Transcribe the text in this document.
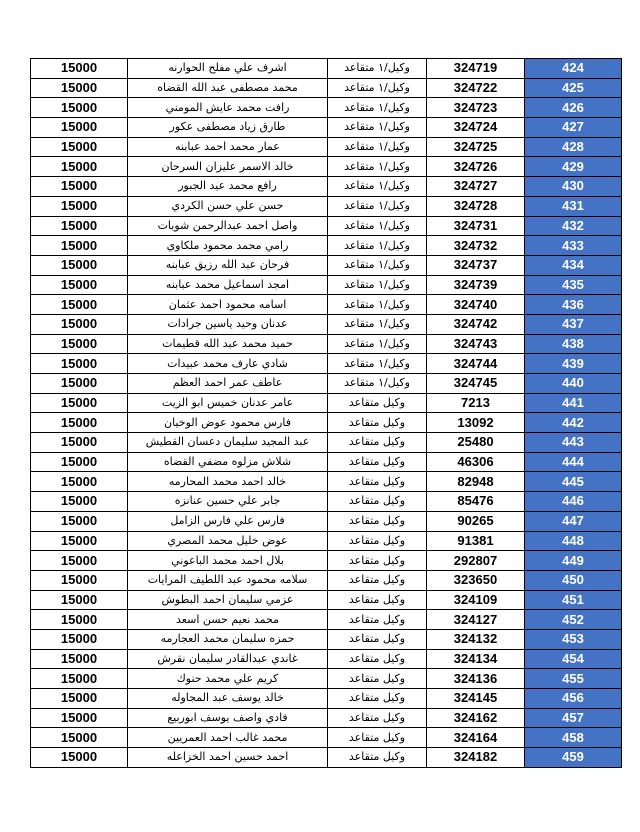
15000	اشرف علي مفلح الحوارنه	وكيل/١ متقاعد	324719	424
15000	محمد مصطفى عبد الله القضاه	وكيل/١ متقاعد	324722	425
15000	رافت محمد عايش المومني	وكيل/١ متقاعد	324723	426
15000	طارق زياد مصطفى عكور	وكيل/١ متقاعد	324724	427
15000	عمار محمد احمد عبابنه	وكيل/١ متقاعد	324725	428
15000	خالد الاسمر عليزان السرحان	وكيل/١ متقاعد	324726	429
15000	رافع محمد عيد الجبور	وكيل/١ متقاعد	324727	430
15000	حسن علي حسن الكردي	وكيل/١ متقاعد	324728	431
15000	واصل احمد عبدالرحمن شويات	وكيل/١ متقاعد	324731	432
15000	رامي محمد محمود ملكاوي	وكيل/١ متقاعد	324732	433
15000	فرحان عبد الله رزيق عبابنه	وكيل/١ متقاعد	324737	434
15000	امجد اسماعيل محمد عبابنه	وكيل/١ متقاعد	324739	435
15000	اسامه محمود احمد عثمان	وكيل/١ متقاعد	324740	436
15000	عدنان وحيد ياسين جرادات	وكيل/١ متقاعد	324742	437
15000	حميد محمد عبد الله قطيمات	وكيل/١ متقاعد	324743	438
15000	شادي عارف محمد عبيدات	وكيل/١ متقاعد	324744	439
15000	عاطف عمر احمد العظم	وكيل/١ متقاعد	324745	440
15000	عامر عدنان خميس ابو الزيت	وكيل متقاعد	7213	441
15000	فارس محمود عوض الوخيان	وكيل متقاعد	13092	442
15000	عبد المجيد سليمان دعسان القطيش	وكيل متقاعد	25480	443
15000	شلاش مزلوه مضفي القضاه	وكيل متقاعد	46306	444
15000	خالد احمد محمد المحارمه	وكيل متقاعد	82948	445
15000	جابر علي حسين عنانزه	وكيل متقاعد	85476	446
15000	فارس علي فارس الزامل	وكيل متقاعد	90265	447
15000	عوض خليل محمد المصري	وكيل متقاعد	91381	448
15000	بلال احمد محمد الباعوني	وكيل متقاعد	292807	449
15000	سلامه محمود عبد اللطيف المرايات	وكيل متقاعد	323650	450
15000	عزمي سليمان احمد البطوش	وكيل متقاعد	324109	451
15000	محمد نعيم حسن اسعد	وكيل متقاعد	324127	452
15000	حمزه سليمان محمد العجارمه	وكيل متقاعد	324132	453
15000	غاندي عبدالقادر سليمان نقرش	وكيل متقاعد	324134	454
15000	كريم علي محمد حنوك	وكيل متقاعد	324136	455
15000	خالد يوسف عبد المجاوله	وكيل متقاعد	324145	456
15000	فادي واصف يوسف ابوربيع	وكيل متقاعد	324162	457
15000	محمد غالب احمد العمريين	وكيل متقاعد	324164	458
15000	احمد حسين احمد الخزاعله	وكيل متقاعد	324182	459
